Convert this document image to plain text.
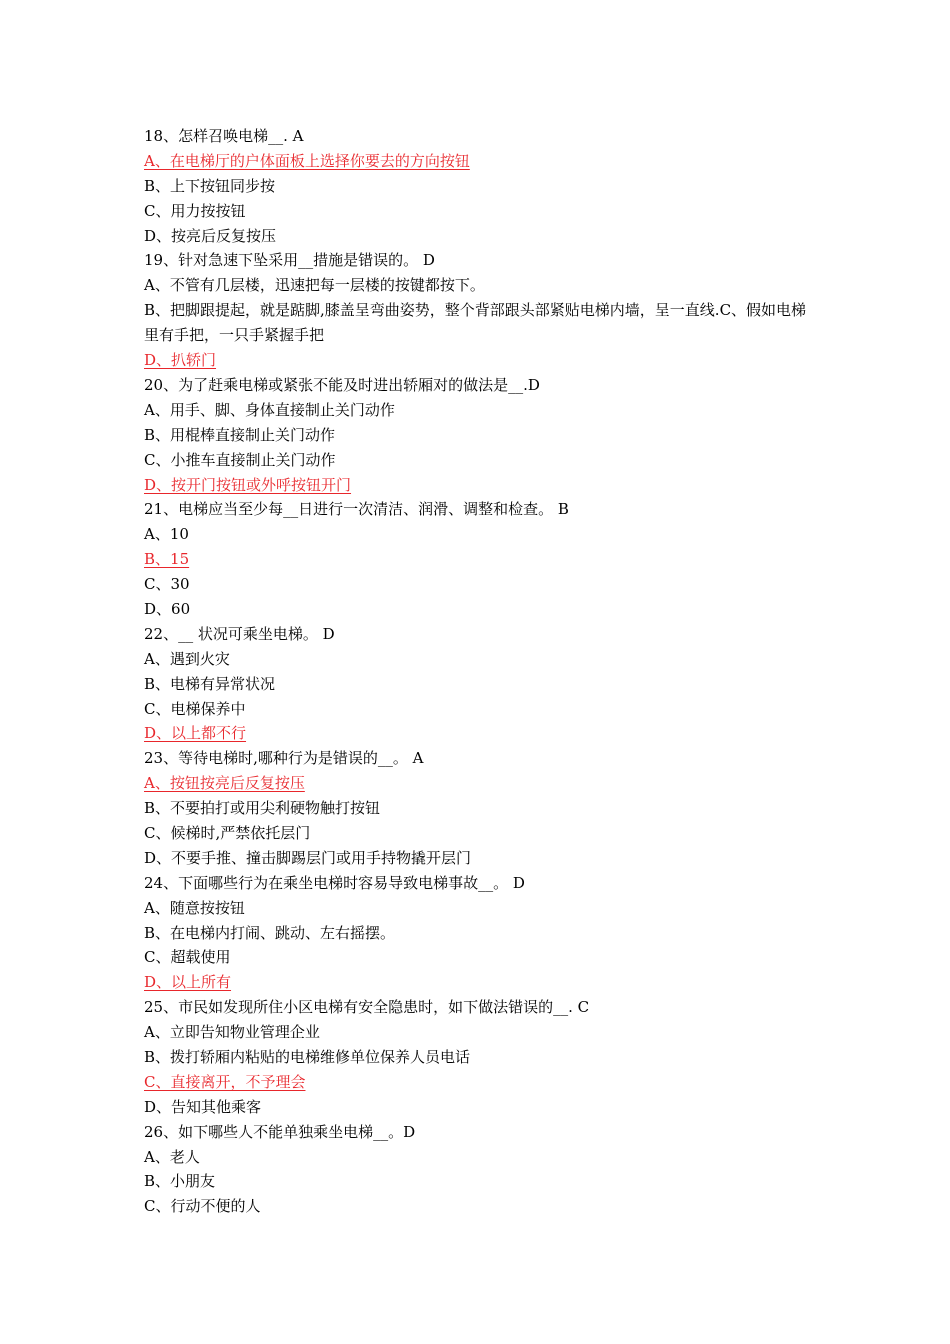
18、怎样召唤电梯__. A
A、在电梯厅的户体面板上选择你要去的方向按钮
B、上下按钮同步按
C、用力按按钮
D、按亮后反复按压
19、针对急速下坠采用__措施是错误的。 D
A、不管有几层楼，迅速把每一层楼的按键都按下。
B、把脚跟提起，就是踮脚,膝盖呈弯曲姿势，整个背部跟头部紧贴电梯内墙，呈一直线.C、假如电梯里有手把，一只手紧握手把
D、扒轿门
20、为了赶乘电梯或紧张不能及时进出轿厢对的做法是__.D
A、用手、脚、身体直接制止关门动作
B、用棍棒直接制止关门动作
C、小推车直接制止关门动作
D、按开门按钮或外呼按钮开门
21、电梯应当至少每__日进行一次清洁、润滑、调整和检查。 B
A、10
B、15
C、30
D、60
22、__ 状况可乘坐电梯。 D
A、遇到火灾
B、电梯有异常状况
C、电梯保养中
D、以上都不行
23、等待电梯时,哪种行为是错误的__。 A
A、按钮按亮后反复按压
B、不要拍打或用尖利硬物触打按钮
C、候梯时,严禁依托层门
D、不要手推、撞击脚踢层门或用手持物撬开层门
24、下面哪些行为在乘坐电梯时容易导致电梯事故__。 D
A、随意按按钮
B、在电梯内打闹、跳动、左右摇摆。
C、超载使用
D、以上所有
25、市民如发现所住小区电梯有安全隐患时，如下做法错误的__. C
A、立即告知物业管理企业
B、拨打轿厢内粘贴的电梯维修单位保养人员电话
C、直接离开，不予理会
D、告知其他乘客
26、如下哪些人不能单独乘坐电梯__。D
A、老人
B、小朋友
C、行动不便的人
